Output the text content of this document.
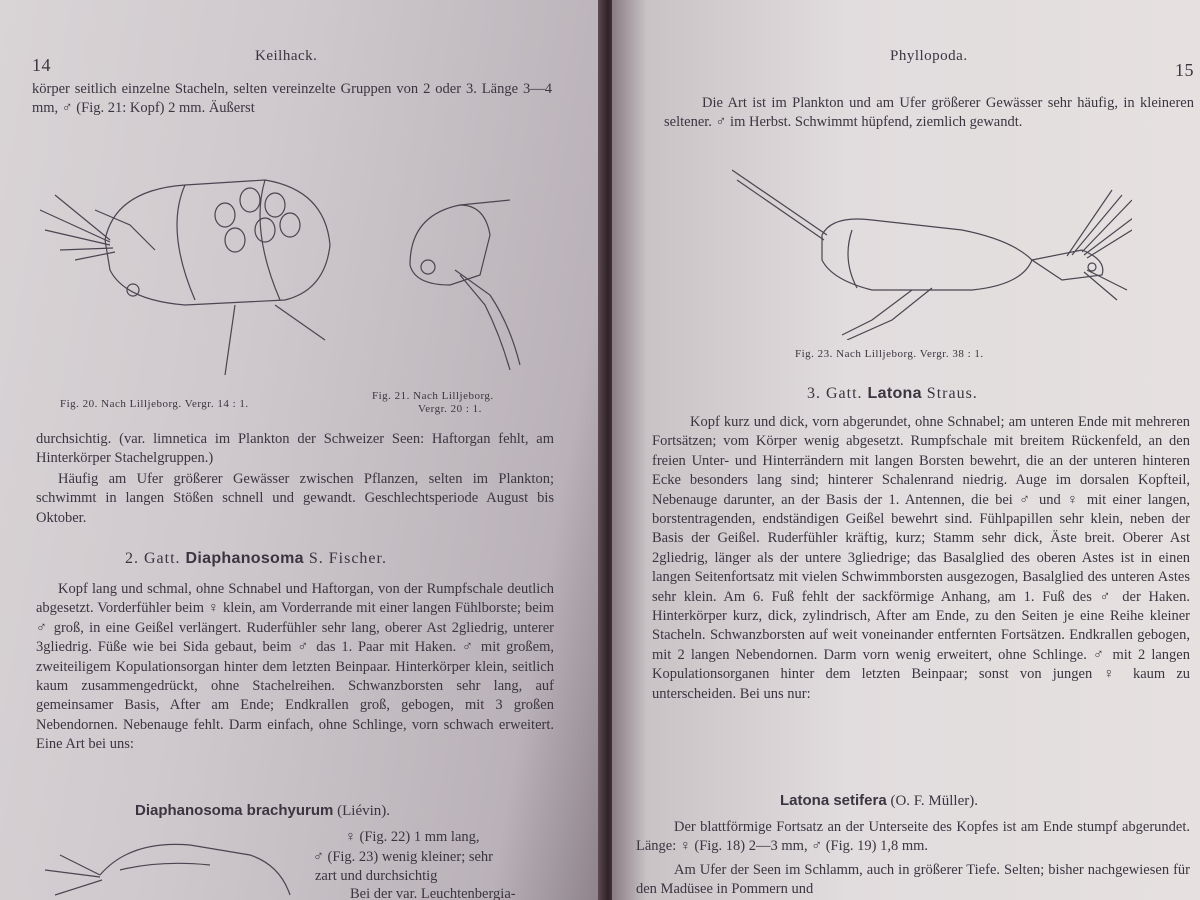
14	Keilhack.

körper seitlich einzelne Stacheln, selten vereinzelte Gruppen von 2 oder 3. Länge 3—4 mm, ♂ (Fig. 21: Kopf) 2 mm. Äußerst

Fig. 20. Nach Lilljeborg. Vergr. 14 : 1.
Fig. 21. Nach Lilljeborg.
Vergr. 20 : 1.

durchsichtig. (var. limnetica im Plankton der Schweizer Seen: Haftorgan fehlt, am Hinterkörper Stachelgruppen.)

Häufig am Ufer größerer Gewässer zwischen Pflanzen, selten im Plankton; schwimmt in langen Stößen schnell und gewandt. Geschlechtsperiode August bis Oktober.

2. Gatt. Diaphanosoma S. Fischer.

Kopf lang und schmal, ohne Schnabel und Haftorgan, von der Rumpfschale deutlich abgesetzt. Vorderfühler beim ♀ klein, am Vorderrande mit einer langen Fühlborste; beim ♂ groß, in eine Geißel verlängert. Ruderfühler sehr lang, oberer Ast 2gliedrig, unterer 3gliedrig. Füße wie bei Sida gebaut, beim ♂ das 1. Paar mit Haken. ♂ mit großem, zweiteiligem Kopulationsorgan hinter dem letzten Beinpaar. Hinterkörper klein, seitlich kaum zusammengedrückt, ohne Stachelreihen. Schwanzborsten sehr lang, auf gemeinsamer Basis, After am Ende; Endkrallen groß, gebogen, mit 3 großen Nebendornen. Nebenauge fehlt. Darm einfach, ohne Schlinge, vorn schwach erweitert. Eine Art bei uns:

Diaphanosoma brachyurum (Liévin).
♀ (Fig. 22) 1 mm lang,
♂ (Fig. 23) wenig kleiner; sehr
zart und durchsichtig
Bei der var. Leuchtenbergia-
Phyllopoda.
15

Die Art ist im Plankton und am Ufer größerer Gewässer sehr häufig, in kleineren seltener. ♂ im Herbst. Schwimmt hüpfend, ziemlich gewandt.

Fig. 23. Nach Lilljeborg. Vergr. 38 : 1.
3. Gatt. Latona Straus.

Kopf kurz und dick, vorn abgerundet, ohne Schnabel; am unteren Ende mit mehreren Fortsätzen; vom Körper wenig abgesetzt. Rumpfschale mit breitem Rückenfeld, an den freien Unter- und Hinterrändern mit langen Borsten bewehrt, die an der unteren hinteren Ecke besonders lang sind; hinterer Schalenrand niedrig. Auge im dorsalen Kopfteil, Nebenauge darunter, an der Basis der 1. Antennen, die bei ♂ und ♀ mit einer langen, borstentragenden, endständigen Geißel bewehrt sind. Fühlpapillen sehr klein, neben der Basis der Geißel. Ruderfühler kräftig, kurz; Stamm sehr dick, Äste breit. Oberer Ast 2gliedrig, länger als der untere 3gliedrige; das Basalglied des oberen Astes ist in einen langen Seitenfortsatz mit vielen Schwimmborsten ausgezogen, Basalglied des unteren Astes sehr klein. Am 6. Fuß fehlt der sackförmige Anhang, am 1. Fuß des ♂ der Haken. Hinterkörper kurz, dick, zylindrisch, After am Ende, zu den Seiten je eine Reihe kleiner Stacheln. Schwanzborsten auf weit voneinander entfernten Fortsätzen. Endkrallen gebogen, mit 2 langen Nebendornen. Darm vorn wenig erweitert, ohne Schlinge. ♂ mit 2 langen Kopulationsorganen hinter dem letzten Beinpaar; sonst von jungen ♀ kaum zu unterscheiden. Bei uns nur:

Latona setifera (O. F. Müller).

Der blattförmige Fortsatz an der Unterseite des Kopfes ist am Ende stumpf abgerundet. Länge: ♀ (Fig. 18) 2—3 mm, ♂ (Fig. 19) 1,8 mm.

Am Ufer der Seen im Schlamm, auch in größerer Tiefe. Selten; bisher nachgewiesen für den Madüsee in Pommern und
